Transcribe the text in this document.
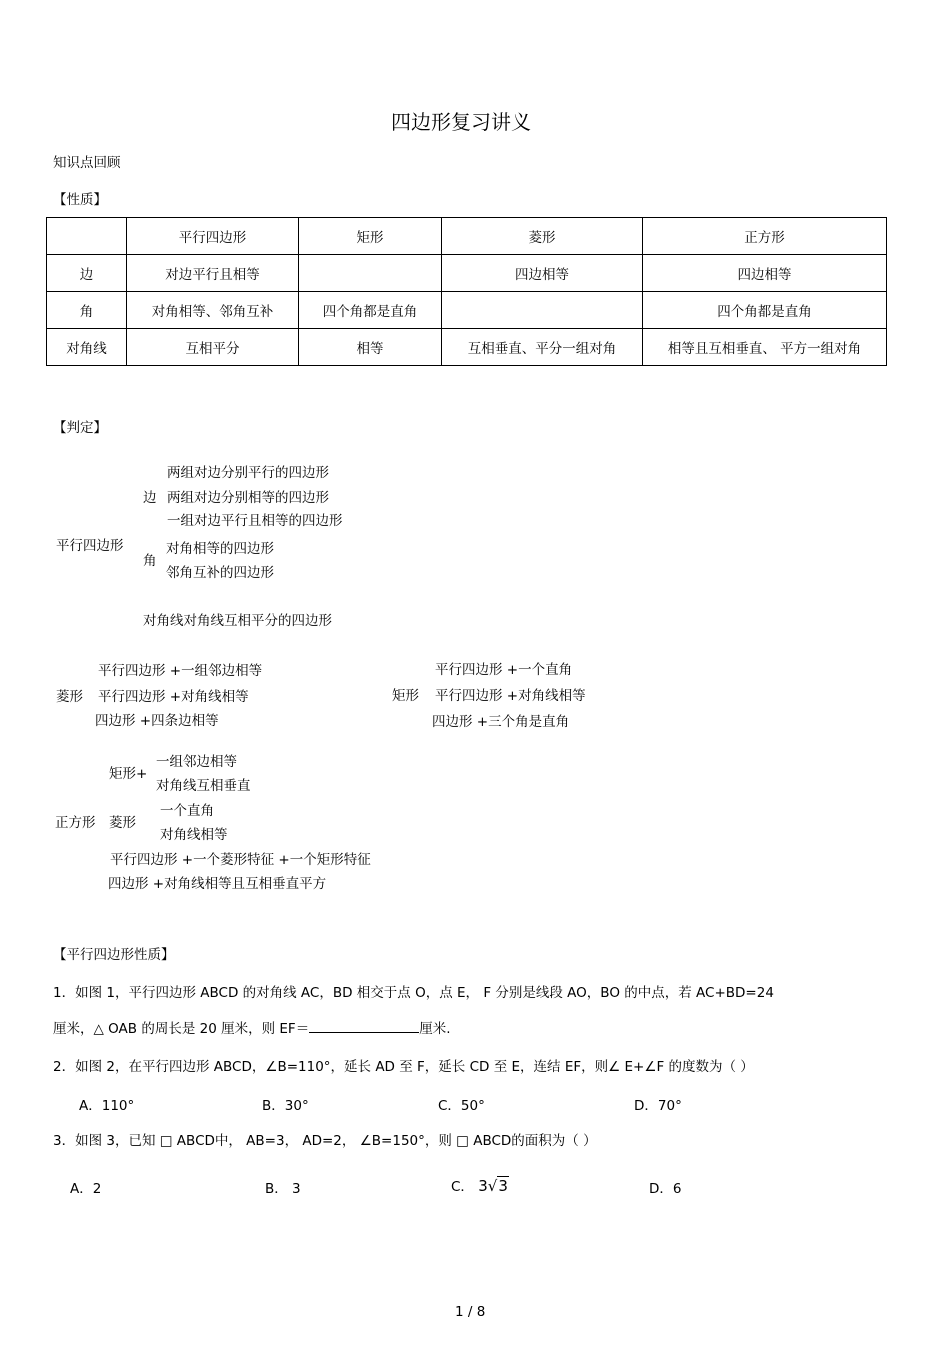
四边形复习讲义
知识点回顾
【性质】
	平行四边形	矩形	菱形	正方形
边	对边平行且相等		四边相等	四边相等
角	对角相等、邻角互补	四个角都是直角		四个角都是直角
对角线	互相平分	相等	互相垂直、平分一组对角	相等且互相垂直、 平方一组对角
【判定】
平行四边形
边
两组对边分别平行的四边形
两组对边分别相等的四边形
一组对边平行且相等的四边形
角
对角相等的四边形
邻角互补的四边形
对角线对角线互相平分的四边形
菱形
平行四边形 +一组邻边相等
平行四边形 +对角线相等
四边形 +四条边相等
矩形
平行四边形 +一个直角
平行四边形 +对角线相等
四边形 +三个角是直角
正方形
矩形+
一组邻边相等
对角线互相垂直
菱形
一个直角
对角线相等
平行四边形 +一个菱形特征 +一个矩形特征
四边形 +对角线相等且互相垂直平方
【平行四边形性质】
1．如图 1，平行四边形 ABCD 的对角线 AC，BD 相交于点 O，点 E， F 分别是线段 AO，BO 的中点，若 AC+BD=24
厘米，△ OAB 的周长是 20 厘米，则 EF＝	厘米.
2．如图 2，在平行四边形 ABCD，∠B=110°，延长 AD 至 F，延长 CD 至 E，连结 EF，则∠ E+∠F 的度数为（ ）
A．110°	B．30°	C．50°	D．70°
3．如图 3，已知 □ ABCD中， AB=3， AD=2， ∠B=150°，则 □ ABCD的面积为（ ）
A．2	B． 3	C． 3√3	D．6
1 / 8
